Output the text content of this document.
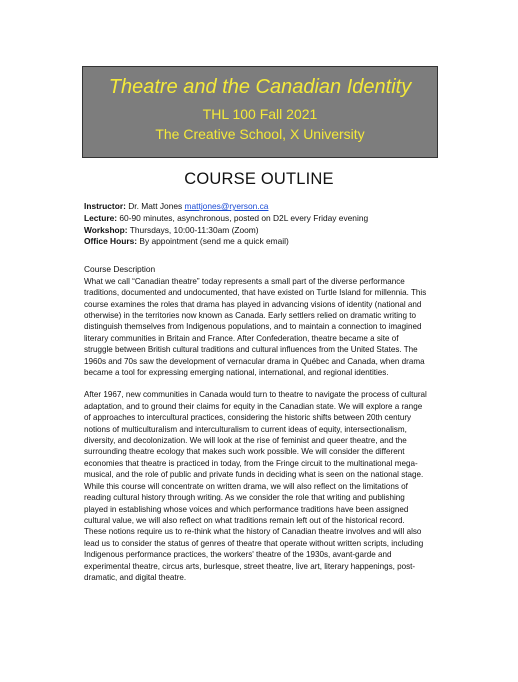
Theatre and the Canadian Identity
THL 100 Fall 2021
The Creative School, X University
COURSE OUTLINE
Instructor: Dr. Matt Jones mattjones@ryerson.ca
Lecture: 60-90 minutes, asynchronous, posted on D2L every Friday evening
Workshop: Thursdays, 10:00-11:30am (Zoom)
Office Hours: By appointment (send me a quick email)
Course Description

What we call “Canadian theatre” today represents a small part of the diverse performance
traditions, documented and undocumented, that have existed on Turtle Island for millennia. This
course examines the roles that drama has played in advancing visions of identity (national and
otherwise) in the territories now known as Canada. Early settlers relied on dramatic writing to
distinguish themselves from Indigenous populations, and to maintain a connection to imagined
literary communities in Britain and France. After Confederation, theatre became a site of
struggle between British cultural traditions and cultural influences from the United States. The
1960s and 70s saw the development of vernacular drama in Québec and Canada, when drama
became a tool for expressing emerging national, international, and regional identities.

After 1967, new communities in Canada would turn to theatre to navigate the process of cultural
adaptation, and to ground their claims for equity in the Canadian state. We will explore a range
of approaches to intercultural practices, considering the historic shifts between 20th century
notions of multiculturalism and interculturalism to current ideas of equity, intersectionalism,
diversity, and decolonization. We will look at the rise of feminist and queer theatre, and the
surrounding theatre ecology that makes such work possible. We will consider the different
economies that theatre is practiced in today, from the Fringe circuit to the multinational mega-
musical, and the role of public and private funds in deciding what is seen on the national stage.
While this course will concentrate on written drama, we will also reflect on the limitations of
reading cultural history through writing. As we consider the role that writing and publishing
played in establishing whose voices and which performance traditions have been assigned
cultural value, we will also reflect on what traditions remain left out of the historical record.
These notions require us to re-think what the history of Canadian theatre involves and will also
lead us to consider the status of genres of theatre that operate without written scripts, including
Indigenous performance practices, the workers' theatre of the 1930s, avant-garde and
experimental theatre, circus arts, burlesque, street theatre, live art, literary happenings, post-
dramatic, and digital theatre.
